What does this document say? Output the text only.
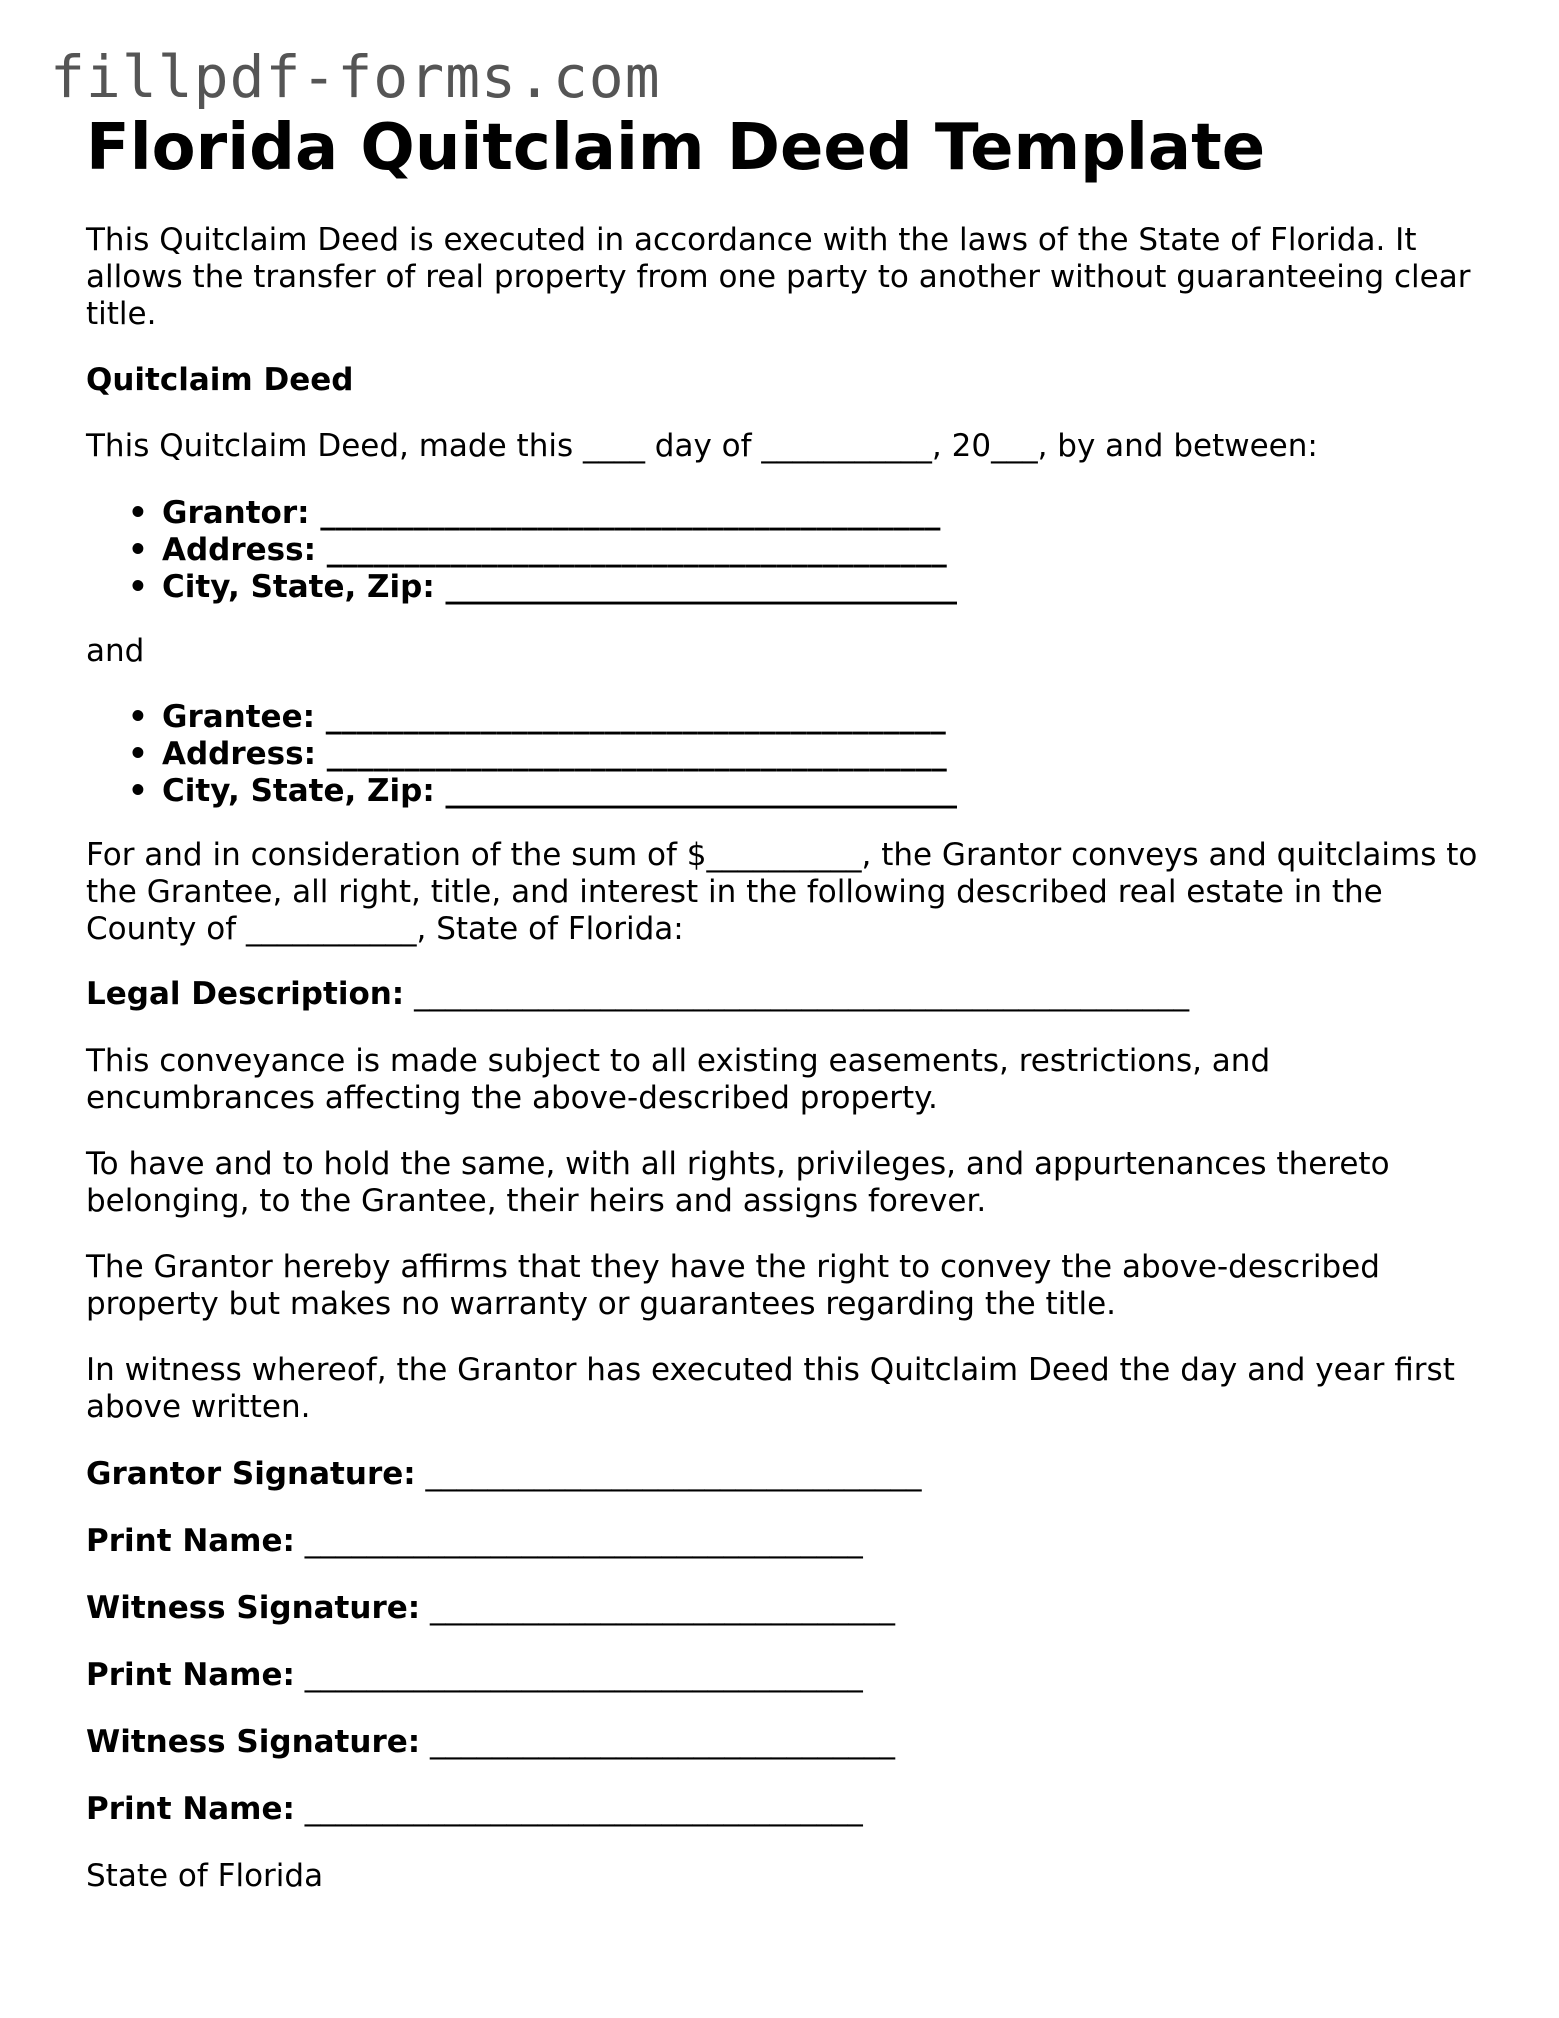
fillpdf-forms.com
Florida Quitclaim Deed Template

This Quitclaim Deed is executed in accordance with the laws of the State of Florida. It allows the transfer of real property from one party to another without guaranteeing clear title.

Quitclaim Deed

This Quitclaim Deed, made this ____ day of ___________, 20___, by and between:

• Grantor: ________________________________________
• Address: ________________________________________
• City, State, Zip: _________________________________

and

• Grantee: ________________________________________
• Address: ________________________________________
• City, State, Zip: _________________________________

For and in consideration of the sum of $__________, the Grantor conveys and quitclaims to the Grantee, all right, title, and interest in the following described real estate in the County of ___________, State of Florida:

Legal Description: __________________________________________________

This conveyance is made subject to all existing easements, restrictions, and encumbrances affecting the above-described property.

To have and to hold the same, with all rights, privileges, and appurtenances thereto belonging, to the Grantee, their heirs and assigns forever.

The Grantor hereby affirms that they have the right to convey the above-described property but makes no warranty or guarantees regarding the title.

In witness whereof, the Grantor has executed this Quitclaim Deed the day and year first above written.

Grantor Signature: ________________________________

Print Name: ____________________________________

Witness Signature: ______________________________

Print Name: ____________________________________

Witness Signature: ______________________________

Print Name: ____________________________________

State of Florida
